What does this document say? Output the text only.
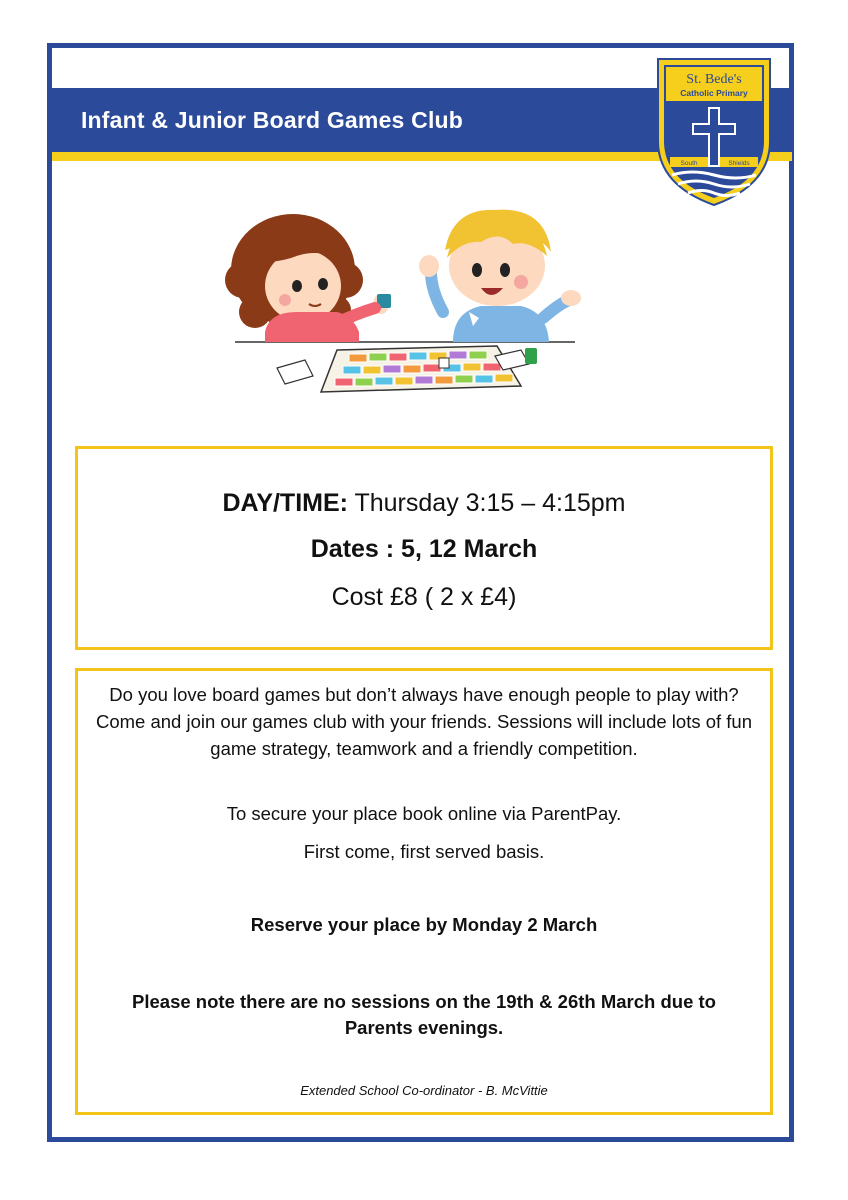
Infant & Junior Board Games Club
St. Bede's
Catholic Primary
South	Shields
DAY/TIME: Thursday 3:15 – 4:15pm
Dates : 5, 12 March
Cost £8 ( 2 x £4)
Do you love board games but don’t always have enough people to play with? Come and join our games club with your friends. Sessions will include lots of fun game strategy, teamwork and a friendly competition.
To secure your place book online via ParentPay.
First come, first served basis.
Reserve your place by Monday 2 March
Please note there are no sessions on the 19th & 26th March due to Parents evenings.
Extended School Co-ordinator - B. McVittie
